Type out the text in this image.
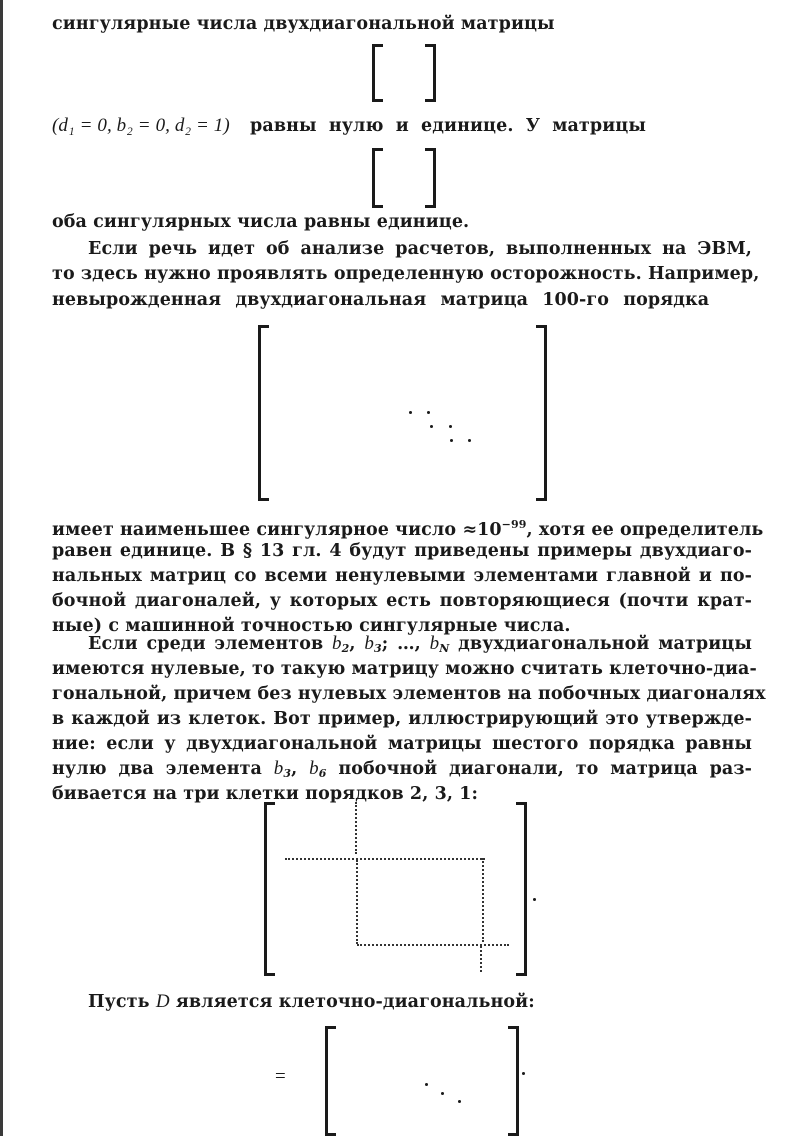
сингулярные числа двухдиагональной матрицы
(d₁ = 0, b₂ = 0, d₂ = 1) равны нулю и единице. У матрицы
оба сингулярных числа равны единице.
Если речь идет об анализе расчетов, выполненных на ЭВМ,
то здесь нужно проявлять определенную осторожность. Например,
невырожденная двухдиагональная матрица 100-го порядка
имеет наименьшее сингулярное число $\approx 10^{-99}$, хотя ее определитель
равен единице. В § 13 гл. 4 будут приведены примеры двухдиаго-
нальных матриц со всеми ненулевыми элементами главной и по-
бочной диагоналей, у которых есть повторяющиеся (почти крат-
ные) с машинной точностью сингулярные числа.
Если среди элементов $b_2$, $b_3$; …, $b_N$ двухдиагональной матрицы
имеются нулевые, то такую матрицу можно считать клеточно-диа-
гональной, причем без нулевых элементов на побочных диагоналях
в каждой из клеток. Вот пример, иллюстрирующий это утвержде-
ние: если у двухдиагональной матрицы шестого порядка равны
нулю два элемента $b_3$, $b_6$ побочной диагонали, то матрица раз-
бивается на три клетки порядков 2, 3, 1:
Пусть D является клеточно-диагональной:
=
